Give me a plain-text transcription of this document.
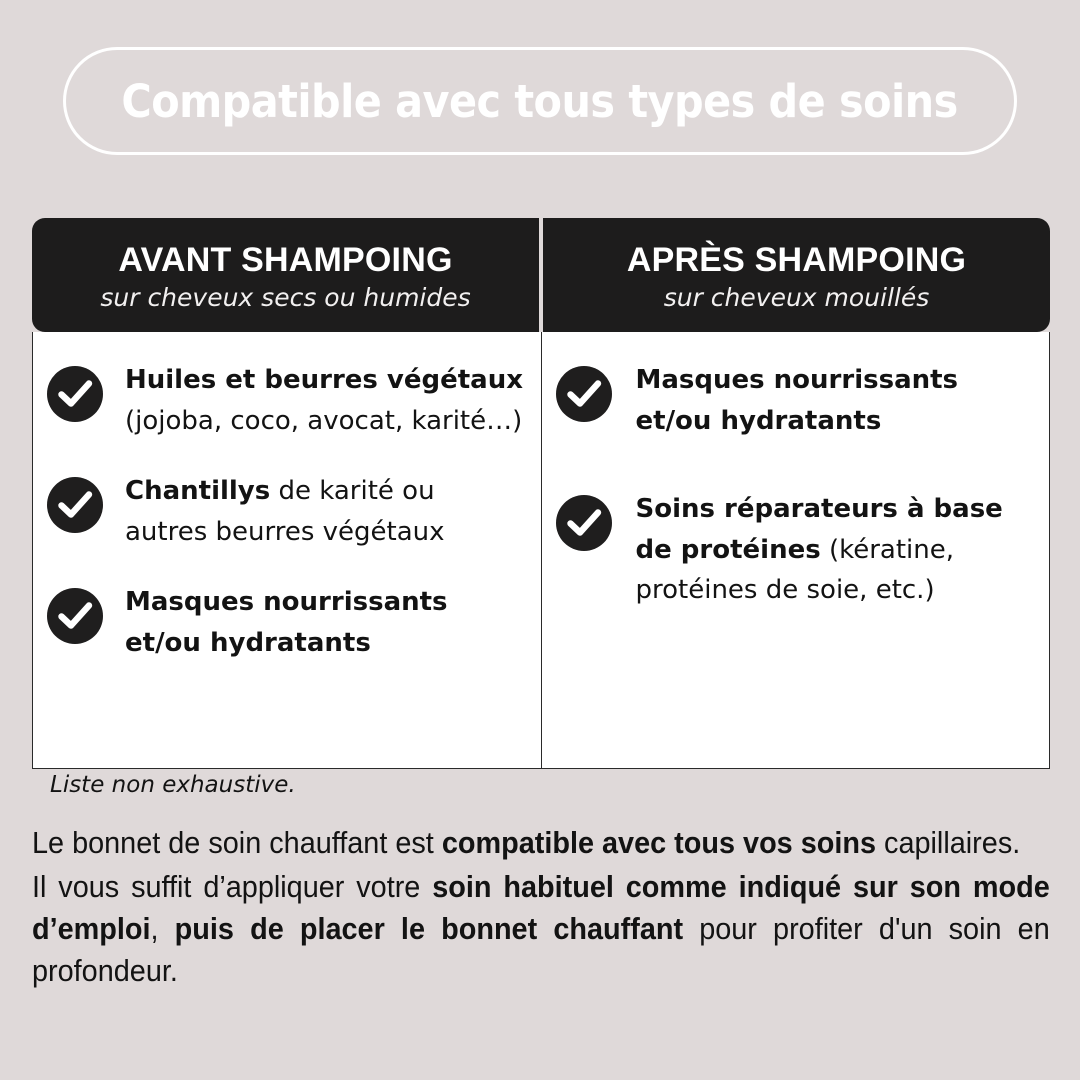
Compatible avec tous types de soins
AVANT SHAMPOING
sur cheveux secs ou humides
APRÈS SHAMPOING
sur cheveux mouillés
Huiles et beurres végétaux (jojoba, coco, avocat, karité…)
Chantillys de karité ou autres beurres végétaux
Masques nourrissants et/ou hydratants
Masques nourrissants et/ou hydratants
Soins réparateurs à base de protéines (kératine, protéines de soie, etc.)
Liste non exhaustive.

Le bonnet de soin chauffant est compatible avec tous vos soins capillaires.

Il vous suffit d’appliquer votre soin habituel comme indiqué sur son mode d’emploi, puis de placer le bonnet chauffant pour profiter d'un soin en profondeur.
